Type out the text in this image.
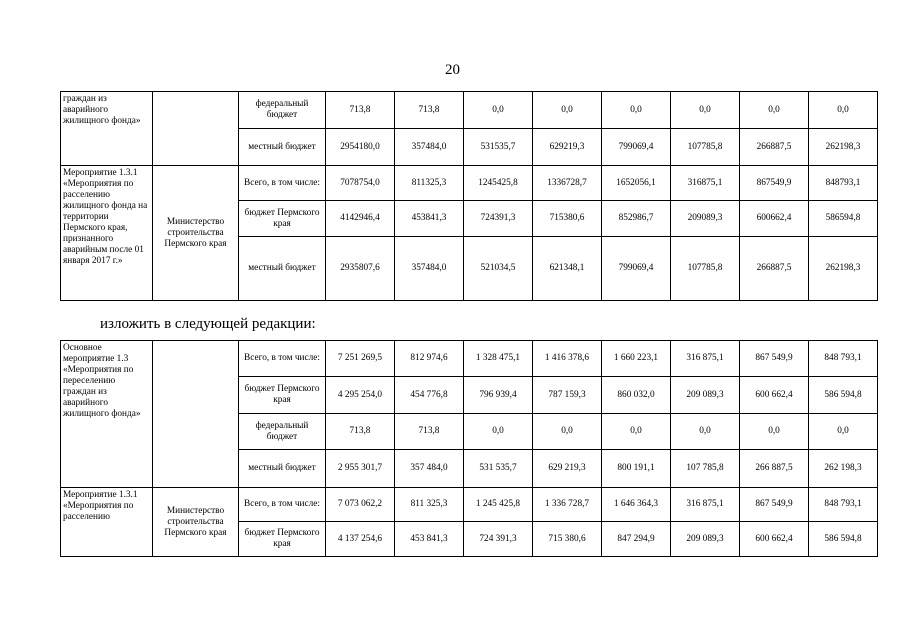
20
граждан из аварийного жилищного фонда»		федеральный бюджет	713,8	713,8	0,0	0,0	0,0	0,0	0,0	0,0
		местный бюджет	2954180,0	357484,0	531535,7	629219,3	799069,4	107785,8	266887,5	262198,3
Мероприятие 1.3.1 «Мероприятия по расселению жилищного фонда на территории Пермского края, признанного аварийным после 01 января 2017 г.»	Министерство строительства Пермского края	Всего, в том числе:	7078754,0	811325,3	1245425,8	1336728,7	1652056,1	316875,1	867549,9	848793,1
		бюджет Пермского края	4142946,4	453841,3	724391,3	715380,6	852986,7	209089,3	600662,4	586594,8
		местный бюджет	2935807,6	357484,0	521034,5	621348,1	799069,4	107785,8	266887,5	262198,3
изложить в следующей редакции:
Основное мероприятие 1.3 «Мероприятия по переселению граждан из аварийного жилищного фонда»		Всего, в том числе:	7 251 269,5	812 974,6	1 328 475,1	1 416 378,6	1 660 223,1	316 875,1	867 549,9	848 793,1
		бюджет Пермского края	4 295 254,0	454 776,8	796 939,4	787 159,3	860 032,0	209 089,3	600 662,4	586 594,8
		федеральный бюджет	713,8	713,8	0,0	0,0	0,0	0,0	0,0	0,0
		местный бюджет	2 955 301,7	357 484,0	531 535,7	629 219,3	800 191,1	107 785,8	266 887,5	262 198,3
Мероприятие 1.3.1 «Мероприятия по расселению	Министерство строительства Пермского края	Всего, в том числе:	7 073 062,2	811 325,3	1 245 425,8	1 336 728,7	1 646 364,3	316 875,1	867 549,9	848 793,1
		бюджет Пермского края	4 137 254,6	453 841,3	724 391,3	715 380,6	847 294,9	209 089,3	600 662,4	586 594,8
